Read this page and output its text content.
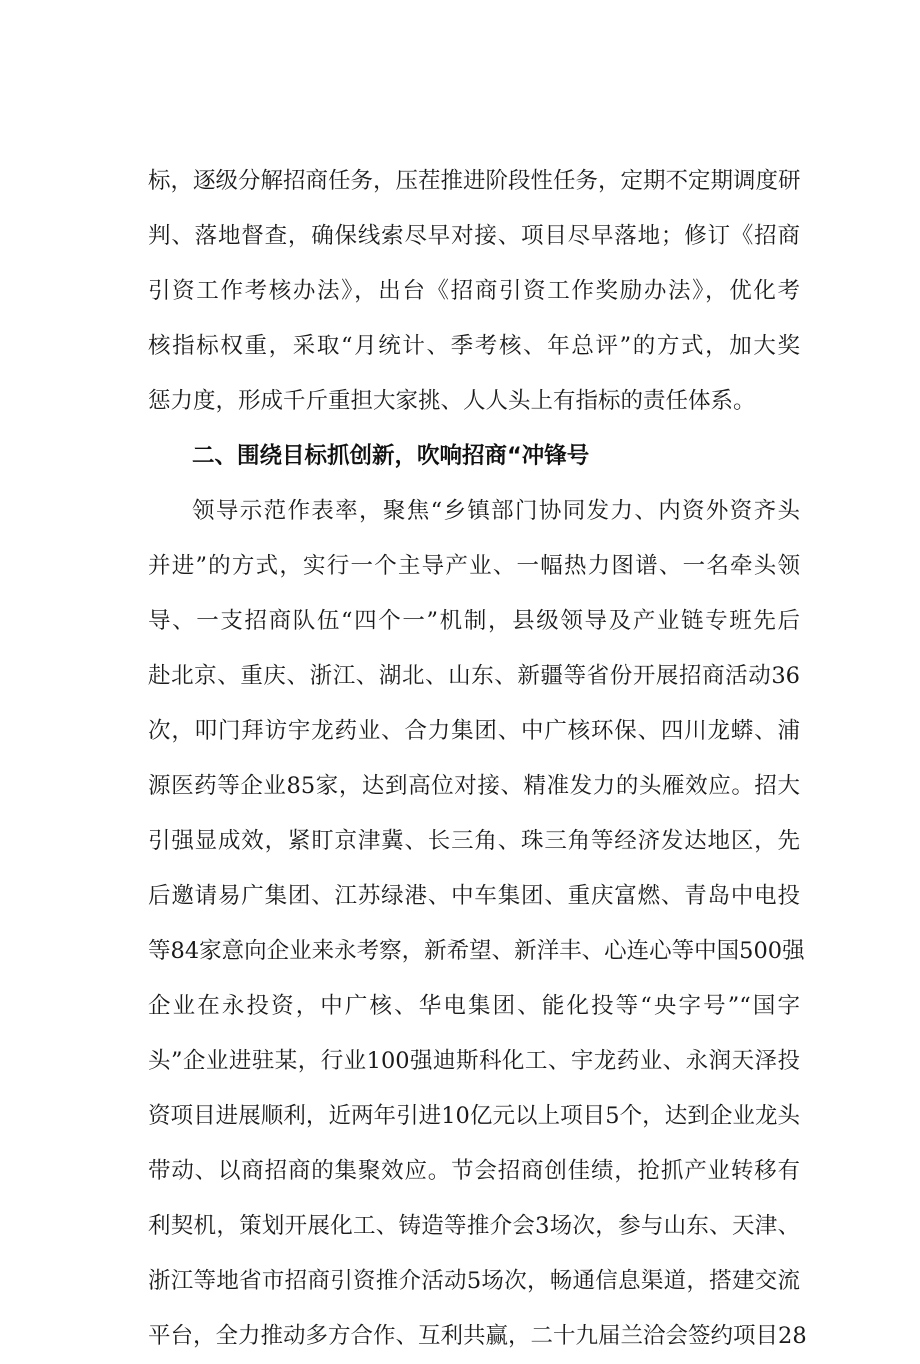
标，逐级分解招商任务，压茬推进阶段性任务，定期不定期调度研
判、落地督查，确保线索尽早对接、项目尽早落地；修订《招商
引资工作考核办法》，出台《招商引资工作奖励办法》，优化考
核指标权重，采取“月统计、季考核、年总评”的方式，加大奖
惩力度，形成千斤重担大家挑、人人头上有指标的责任体系。
二、围绕目标抓创新，吹响招商“冲锋号
领导示范作表率，聚焦“乡镇部门协同发力、内资外资齐头
并进”的方式，实行一个主导产业、一幅热力图谱、一名牵头领
导、一支招商队伍“四个一”机制，县级领导及产业链专班先后
赴北京、重庆、浙江、湖北、山东、新疆等省份开展招商活动36
次，叩门拜访宇龙药业、合力集团、中广核环保、四川龙蟒、浦
源医药等企业85家，达到高位对接、精准发力的头雁效应。招大
引强显成效，紧盯京津冀、长三角、珠三角等经济发达地区，先
后邀请易广集团、江苏绿港、中车集团、重庆富燃、青岛中电投
等84家意向企业来永考察，新希望、新洋丰、心连心等中国500强
企业在永投资，中广核、华电集团、能化投等“央字号”“国字
头”企业进驻某，行业100强迪斯科化工、宇龙药业、永润天泽投
资项目进展顺利，近两年引进10亿元以上项目5个，达到企业龙头
带动、以商招商的集聚效应。节会招商创佳绩，抢抓产业转移有
利契机，策划开展化工、铸造等推介会3场次，参与山东、天津、
浙江等地省市招商引资推介活动5场次，畅通信息渠道，搭建交流
平台，全力推动多方合作、互利共赢，二十九届兰洽会签约项目28
